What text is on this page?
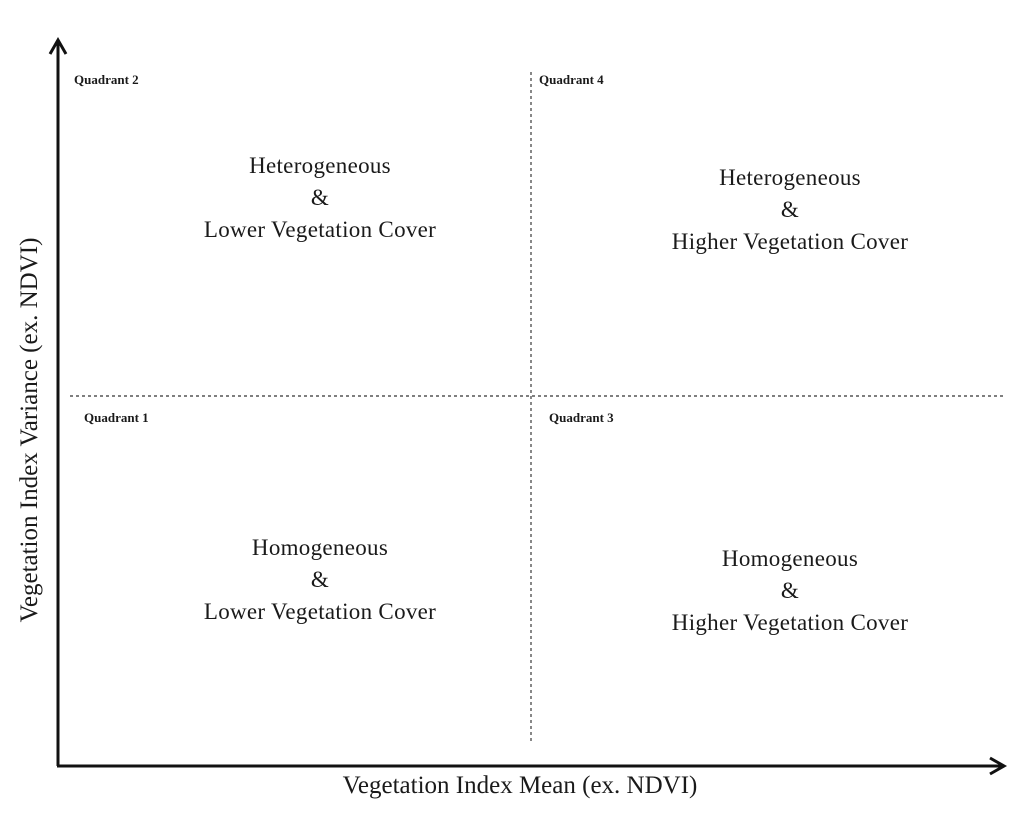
Quadrant 2
Heterogeneous
&
Lower Vegetation Cover
Quadrant 4
Heterogeneous
&
Higher Vegetation Cover
Quadrant 1
Homogeneous
&
Lower Vegetation Cover
Quadrant 3
Homogeneous
&
Higher Vegetation Cover
Vegetation Index Mean (ex. NDVI)
Vegetation Index Variance (ex. NDVI)
